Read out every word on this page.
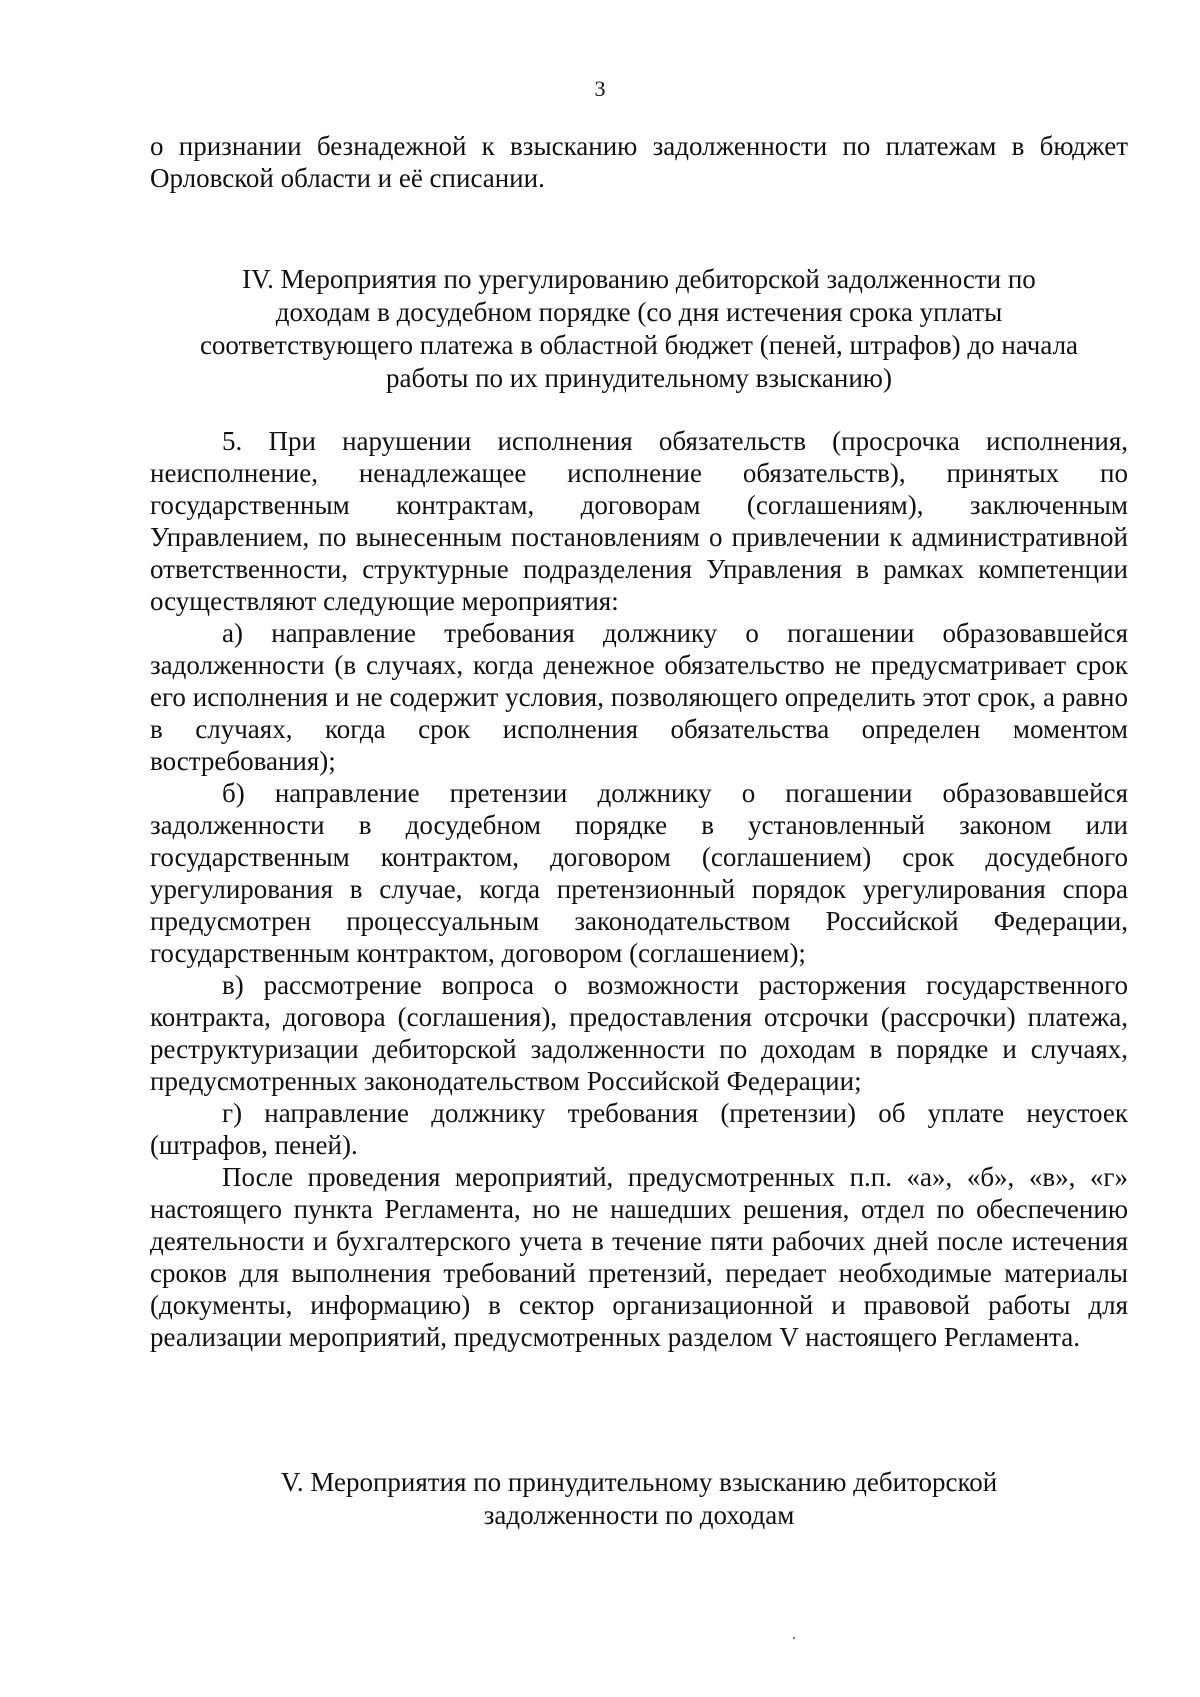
3
о признании безнадежной к взысканию задолженности по платежам в бюджет Орловской области и её списании.
IV. Мероприятия по урегулированию дебиторской задолженности по
доходам в досудебном порядке (со дня истечения срока уплаты
соответствующего платежа в областной бюджет (пеней, штрафов) до начала
работы по их принудительному взысканию)

5. При нарушении исполнения обязательств (просрочка исполнения, неисполнение, ненадлежащее исполнение обязательств), принятых по государственным контрактам, договорам (соглашениям), заключенным Управлением, по вынесенным постановлениям о привлечении к административной ответственности, структурные подразделения Управления в рамках компетенции осуществляют следующие мероприятия:

а) направление требования должнику о погашении образовавшейся задолженности (в случаях, когда денежное обязательство не предусматривает срок его исполнения и не содержит условия, позволяющего определить этот срок, а равно в случаях, когда срок исполнения обязательства определен моментом востребования);

б) направление претензии должнику о погашении образовавшейся задолженности в досудебном порядке в установленный законом или государственным контрактом, договором (соглашением) срок досудебного урегулирования в случае, когда претензионный порядок урегулирования спора предусмотрен процессуальным законодательством Российской Федерации, государственным контрактом, договором (соглашением);

в) рассмотрение вопроса о возможности расторжения государственного контракта, договора (соглашения), предоставления отсрочки (рассрочки) платежа, реструктуризации дебиторской задолженности по доходам в порядке и случаях, предусмотренных законодательством Российской Федерации;

г) направление должнику требования (претензии) об уплате неустоек (штрафов, пеней).

После проведения мероприятий, предусмотренных п.п. «а», «б», «в», «г» настоящего пункта Регламента, но не нашедших решения, отдел по обеспечению деятельности и бухгалтерского учета в течение пяти рабочих дней после истечения сроков для выполнения требований претензий, передает необходимые материалы (документы, информацию) в сектор организационной и правовой работы для реализации мероприятий, предусмотренных разделом V настоящего Регламента.

V. Мероприятия по принудительному взысканию дебиторской
задолженности по доходам
